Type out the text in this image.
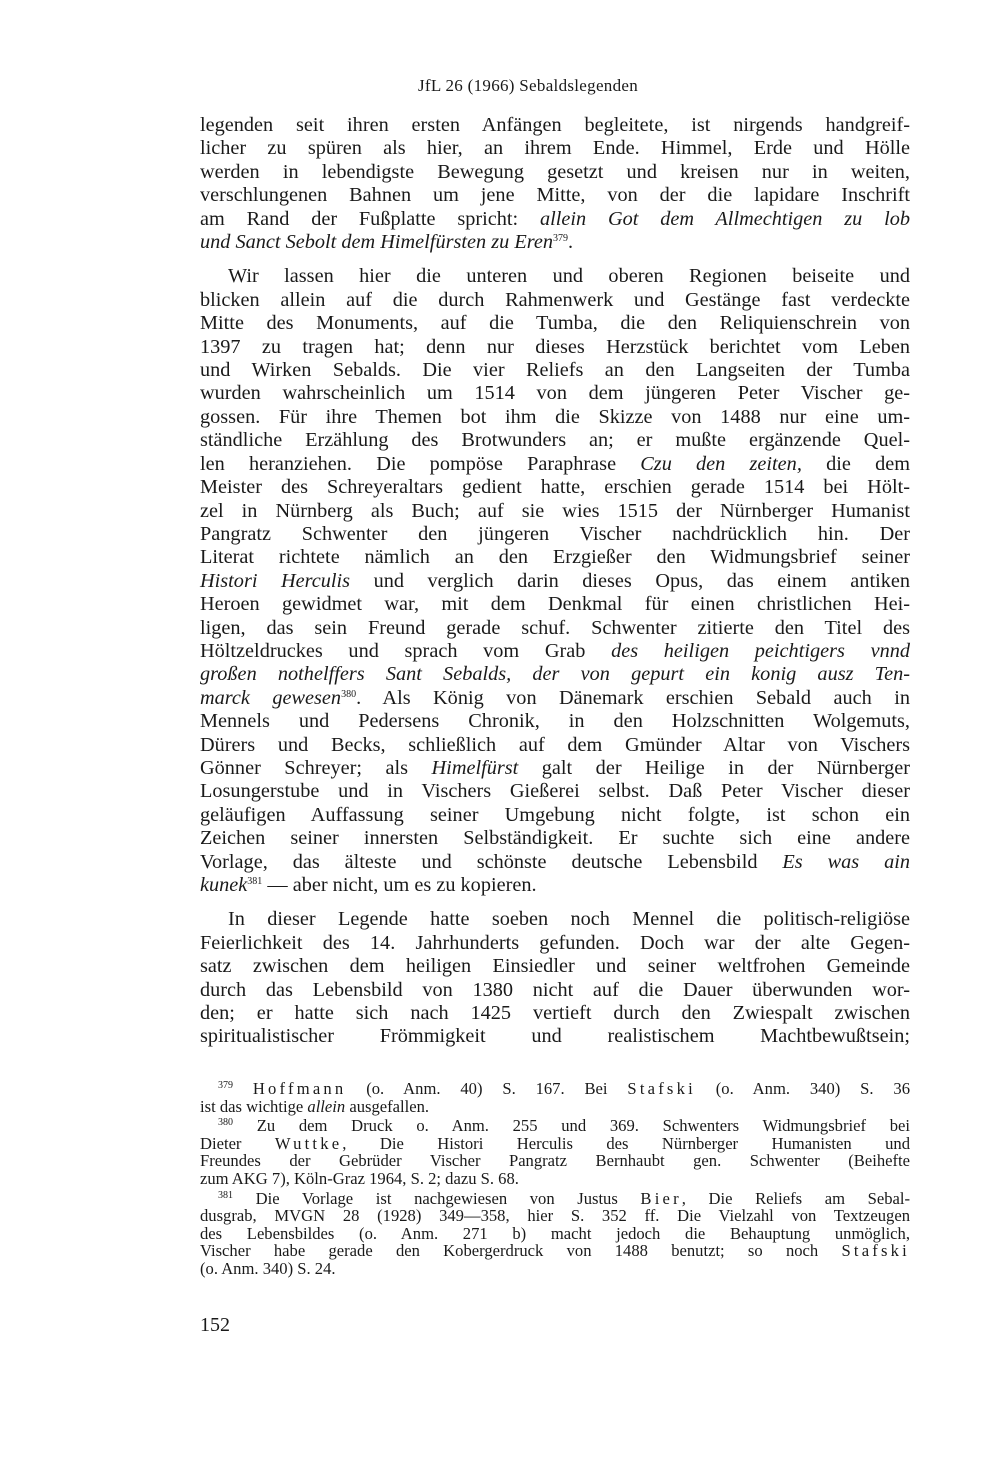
JfL 26 (1966) Sebaldslegenden
legenden seit ihren ersten Anfängen begleitete, ist nirgends handgreif-
licher zu spüren als hier, an ihrem Ende. Himmel, Erde und Hölle
werden in lebendigste Bewegung gesetzt und kreisen nur in weiten,
verschlungenen Bahnen um jene Mitte, von der die lapidare Inschrift
am Rand der Fußplatte spricht: allein Got dem Allmechtigen zu lob
und Sanct Sebolt dem Himelfürsten zu Eren$^{379}$.
Wir lassen hier die unteren und oberen Regionen beiseite und
blicken allein auf die durch Rahmenwerk und Gestänge fast verdeckte
Mitte des Monuments, auf die Tumba, die den Reliquienschrein von
1397 zu tragen hat; denn nur dieses Herzstück berichtet vom Leben
und Wirken Sebalds. Die vier Reliefs an den Langseiten der Tumba
wurden wahrscheinlich um 1514 von dem jüngeren Peter Vischer ge-
gossen. Für ihre Themen bot ihm die Skizze von 1488 nur eine um-
ständliche Erzählung des Brotwunders an; er mußte ergänzende Quel-
len heranziehen. Die pompöse Paraphrase Czu den zeiten, die dem
Meister des Schreyeraltars gedient hatte, erschien gerade 1514 bei Hölt-
zel in Nürnberg als Buch; auf sie wies 1515 der Nürnberger Humanist
Pangratz Schwenter den jüngeren Vischer nachdrücklich hin. Der
Literat richtete nämlich an den Erzgießer den Widmungsbrief seiner
Histori Herculis und verglich darin dieses Opus, das einem antiken
Heroen gewidmet war, mit dem Denkmal für einen christlichen Hei-
ligen, das sein Freund gerade schuf. Schwenter zitierte den Titel des
Höltzeldruckes und sprach vom Grab des heiligen peichtigers vnnd
großen nothelffers Sant Sebalds, der von gepurt ein konig ausz Ten-
marck gewesen$^{380}$. Als König von Dänemark erschien Sebald auch in
Mennels und Pedersens Chronik, in den Holzschnitten Wolgemuts,
Dürers und Becks, schließlich auf dem Gmünder Altar von Vischers
Gönner Schreyer; als Himelfürst galt der Heilige in der Nürnberger
Losungerstube und in Vischers Gießerei selbst. Daß Peter Vischer dieser
geläufigen Auffassung seiner Umgebung nicht folgte, ist schon ein
Zeichen seiner innersten Selbständigkeit. Er suchte sich eine andere
Vorlage, das älteste und schönste deutsche Lebensbild Es was ain
kunek$^{381}$ — aber nicht, um es zu kopieren.
In dieser Legende hatte soeben noch Mennel die politisch-religiöse
Feierlichkeit des 14. Jahrhunderts gefunden. Doch war der alte Gegen-
satz zwischen dem heiligen Einsiedler und seiner weltfrohen Gemeinde
durch das Lebensbild von 1380 nicht auf die Dauer überwunden wor-
den; er hatte sich nach 1425 vertieft durch den Zwiespalt zwischen
spiritualistischer Frömmigkeit und realistischem Machtbewußtsein;
$^{379}$ Hoffmann (o. Anm. 40) S. 167. Bei Stafski (o. Anm. 340) S. 36
ist das wichtige allein ausgefallen.
$^{380}$ Zu dem Druck o. Anm. 255 und 369. Schwenters Widmungsbrief bei
Dieter Wuttke, Die Histori Herculis des Nürnberger Humanisten und
Freundes der Gebrüder Vischer Pangratz Bernhaubt gen. Schwenter (Beihefte
zum AKG 7), Köln-Graz 1964, S. 2; dazu S. 68.
$^{381}$ Die Vorlage ist nachgewiesen von Justus Bier, Die Reliefs am Sebal-
dusgrab, MVGN 28 (1928) 349—358, hier S. 352 ff. Die Vielzahl von Textzeugen
des Lebensbildes (o. Anm. 271 b) macht jedoch die Behauptung unmöglich,
Vischer habe gerade den Kobergerdruck von 1488 benutzt; so noch Stafski
(o. Anm. 340) S. 24.
152
